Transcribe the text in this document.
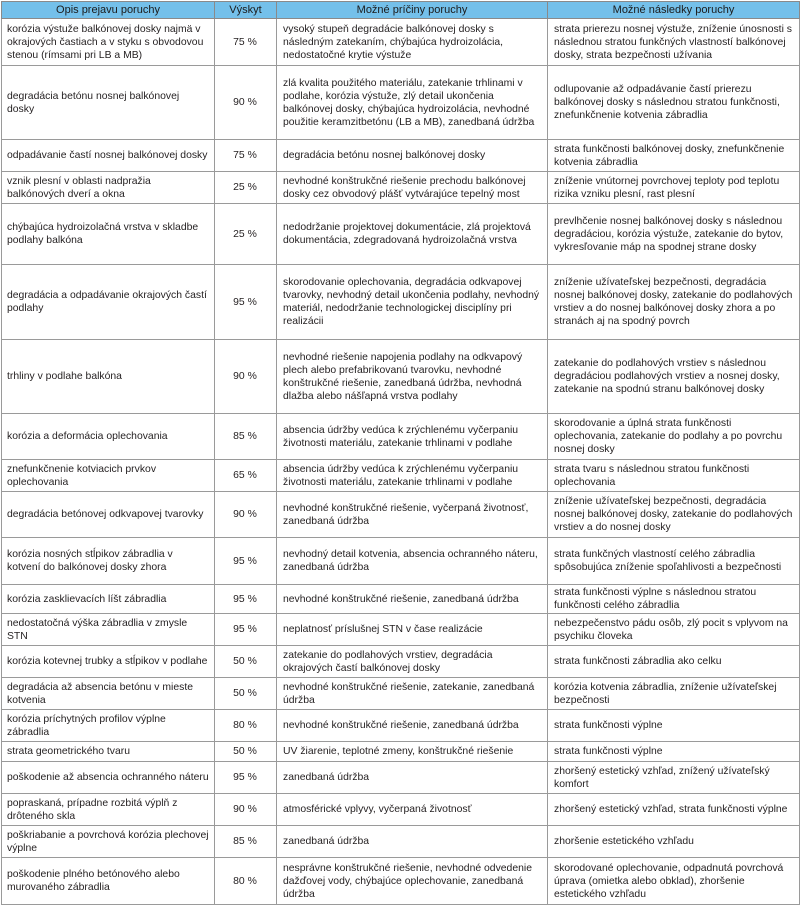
Opis prejavu poruchy	Výskyt	Možné príčiny poruchy	Možné následky poruchy
korózia výstuže balkónovej dosky najmä v okrajových častiach a v styku s obvodovou stenou (rímsami pri LB a MB)	75 %	vysoký stupeň degradácie balkónovej dosky s následným zatekaním, chýbajúca hydroizolácia, nedostatočné krytie výstuže	strata prierezu nosnej výstuže, zníženie únosnosti s následnou stratou funkčných vlastností balkónovej dosky, strata bezpečnosti užívania
degradácia betónu nosnej balkónovej dosky	90 %	zlá kvalita použitého materiálu, zatekanie trhlinami v podlahe, korózia výstuže, zlý detail ukončenia balkónovej dosky, chýbajúca hydroizolácia, nevhodné použitie keramzitbetónu (LB a MB), zanedbaná údržba	odlupovanie až odpadávanie častí prierezu balkónovej dosky s následnou stratou funkčnosti, znefunkčnenie kotvenia zábradlia
odpadávanie častí nosnej balkónovej dosky	75 %	degradácia betónu nosnej balkónovej dosky	strata funkčnosti balkónovej dosky, znefunkčnenie kotvenia zábradlia
vznik plesní v oblasti nadpražia balkónových dverí a okna	25 %	nevhodné konštrukčné riešenie prechodu balkónovej dosky cez obvodový plášť vytvárajúce tepelný most	zníženie vnútornej povrchovej teploty pod teplotu rizika vzniku plesní, rast plesní
chýbajúca hydroizolačná vrstva v skladbe podlahy balkóna	25 %	nedodržanie projektovej dokumentácie, zlá projektová dokumentácia, zdegradovaná hydroizolačná vrstva	prevlhčenie nosnej balkónovej dosky s následnou degradáciou, korózia výstuže, zatekanie do bytov, vykresľovanie máp na spodnej strane dosky
degradácia a odpadávanie okrajových častí podlahy	95 %	skorodovanie oplechovania, degradácia odkvapovej tvarovky, nevhodný detail ukončenia podlahy, nevhodný materiál, nedodržanie technologickej disciplíny pri realizácii	zníženie užívateľskej bezpečnosti, degradácia nosnej balkónovej dosky, zatekanie do podlahových vrstiev a do nosnej balkónovej dosky zhora a po stranách aj na spodný povrch
trhliny v podlahe balkóna	90 %	nevhodné riešenie napojenia podlahy na odkvapový plech alebo prefabrikovanú tvarovku, nevhodné konštrukčné riešenie, zanedbaná údržba, nevhodná dlažba alebo nášľapná vrstva podlahy	zatekanie do podlahových vrstiev s následnou degradáciou podlahových vrstiev a nosnej dosky, zatekanie na spodnú stranu balkónovej dosky
korózia a deformácia oplechovania	85 %	absencia údržby vedúca k zrýchlenému vyčerpaniu životnosti materiálu, zatekanie trhlinami v podlahe	skorodovanie a úplná strata funkčnosti oplechovania, zatekanie do podlahy a po povrchu nosnej dosky
znefunkčnenie kotviacich prvkov oplechovania	65 %	absencia údržby vedúca k zrýchlenému vyčerpaniu životnosti materiálu, zatekanie trhlinami v podlahe	strata tvaru s následnou stratou funkčnosti oplechovania
degradácia betónovej odkvapovej tvarovky	90 %	nevhodné konštrukčné riešenie, vyčerpaná životnosť, zanedbaná údržba	zníženie užívateľskej bezpečnosti, degradácia nosnej balkónovej dosky, zatekanie do podlahových vrstiev a do nosnej dosky
korózia nosných stĺpikov zábradlia v kotvení do balkónovej dosky zhora	95 %	nevhodný detail kotvenia, absencia ochranného náteru, zanedbaná údržba	strata funkčných vlastností celého zábradlia spôsobujúca zníženie spoľahlivosti a bezpečnosti
korózia zasklievacích líšt zábradlia	95 %	nevhodné konštrukčné riešenie, zanedbaná údržba	strata funkčnosti výplne s následnou stratou funkčnosti celého zábradlia
nedostatočná výška zábradlia v zmysle STN	95 %	neplatnosť príslušnej STN v čase realizácie	nebezpečenstvo pádu osôb, zlý pocit s vplyvom na psychiku človeka
korózia kotevnej trubky a stĺpikov v podlahe	50 %	zatekanie do podlahových vrstiev, degradácia okrajových častí balkónovej dosky	strata funkčnosti zábradlia ako celku
degradácia až absencia betónu v mieste kotvenia	50 %	nevhodné konštrukčné riešenie, zatekanie, zanedbaná údržba	korózia kotvenia zábradlia, zníženie užívateľskej bezpečnosti
korózia príchytných profilov výplne zábradlia	80 %	nevhodné konštrukčné riešenie, zanedbaná údržba	strata funkčnosti výplne
strata geometrického tvaru	50 %	UV žiarenie, teplotné zmeny, konštrukčné riešenie	strata funkčnosti výplne
poškodenie až absencia ochranného náteru	95 %	zanedbaná údržba	zhoršený estetický vzhľad, znížený užívateľský komfort
popraskaná, prípadne rozbitá výplň z drôteného skla	90 %	atmosférické vplyvy, vyčerpaná životnosť	zhoršený estetický vzhľad, strata funkčnosti výplne
poškriabanie a povrchová korózia plechovej výplne	85 %	zanedbaná údržba	zhoršenie estetického vzhľadu
poškodenie plného betónového alebo murovaného zábradlia	80 %	nesprávne konštrukčné riešenie, nevhodné odvedenie dažďovej vody, chýbajúce oplechovanie, zanedbaná údržba	skorodované oplechovanie, odpadnutá povrchová úprava (omietka alebo obklad), zhoršenie estetického vzhľadu
